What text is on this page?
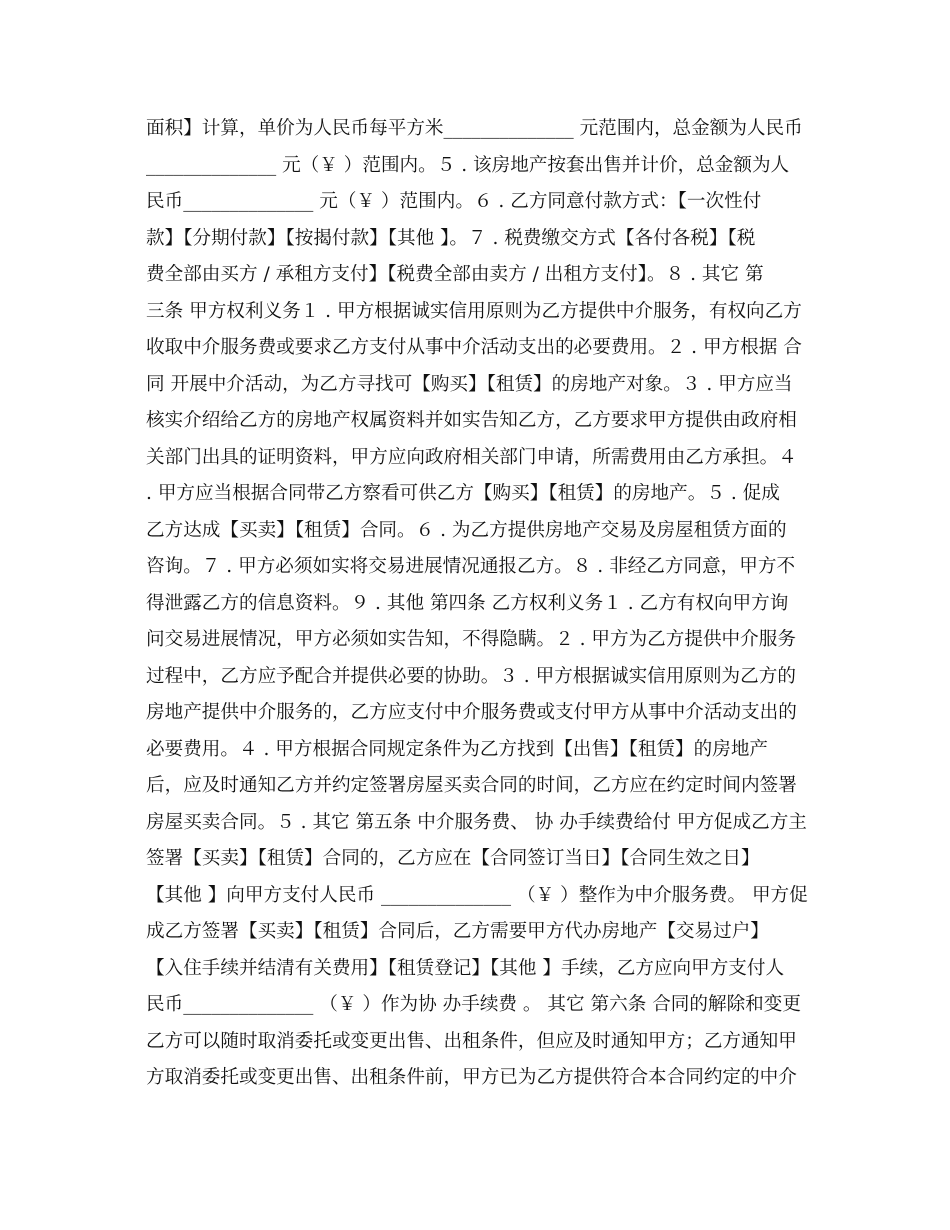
面积】计算，单价为人民币每平方米______________ 元范围内，总金额为人民币
______________ 元（￥ ）范围内。５ . 该房地产按套出售并计价，总金额为人
民币______________ 元（￥ ）范围内。６ . 乙方同意付款方式：【一次性付
款】【分期付款】【按揭付款】【其他 】。７ . 税费缴交方式【各付各税】【税
费全部由买方 / 承租方支付】【税费全部由卖方 / 出租方支付】。８ . 其它 第
三条 甲方权利义务１ . 甲方根据诚实信用原则为乙方提供中介服务，有权向乙方
收取中介服务费或要求乙方支付从事中介活动支出的必要费用。２ . 甲方根据 合
同 开展中介活动，为乙方寻找可【购买】【租赁】的房地产对象。３ . 甲方应当
核实介绍给乙方的房地产权属资料并如实告知乙方，乙方要求甲方提供由政府相
关部门出具的证明资料，甲方应向政府相关部门申请，所需费用由乙方承担。４
. 甲方应当根据合同带乙方察看可供乙方【购买】【租赁】的房地产。５ . 促成
乙方达成【买卖】【租赁】合同。６ . 为乙方提供房地产交易及房屋租赁方面的
咨询。７ . 甲方必须如实将交易进展情况通报乙方。８ . 非经乙方同意，甲方不
得泄露乙方的信息资料。９ . 其他 第四条 乙方权利义务１ . 乙方有权向甲方询
问交易进展情况，甲方必须如实告知，不得隐瞒。２ . 甲方为乙方提供中介服务
过程中，乙方应予配合并提供必要的协助。３ . 甲方根据诚实信用原则为乙方的
房地产提供中介服务的，乙方应支付中介服务费或支付甲方从事中介活动支出的
必要费用。４ . 甲方根据合同规定条件为乙方找到【出售】【租赁】的房地产
后，应及时通知乙方并约定签署房屋买卖合同的时间，乙方应在约定时间内签署
房屋买卖合同。５ . 其它 第五条 中介服务费、 协 办手续费给付 甲方促成乙方主
签署【买卖】【租赁】合同的，乙方应在【合同签订当日】【合同生效之日】
【其他 】向甲方支付人民币 ______________ （￥ ）整作为中介服务费。 甲方促
成乙方签署【买卖】【租赁】合同后，乙方需要甲方代办房地产【交易过户】
【入住手续并结清有关费用】【租赁登记】【其他 】手续，乙方应向甲方支付人
民币______________ （￥ ）作为协 办手续费 。 其它 第六条 合同的解除和变更
乙方可以随时取消委托或变更出售、出租条件，但应及时通知甲方；乙方通知甲
方取消委托或变更出售、出租条件前，甲方已为乙方提供符合本合同约定的中介
